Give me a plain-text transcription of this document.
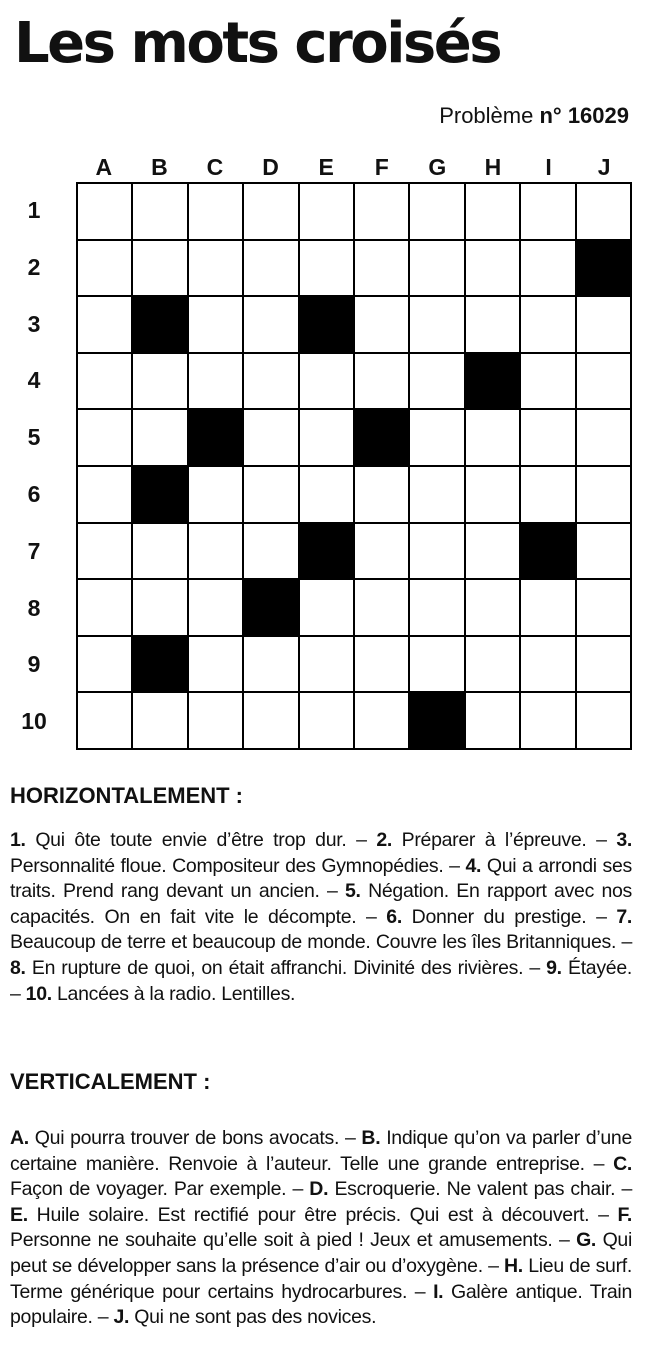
Les mots croisés
Problème n° 16029
A	B	C	D	E	F	G	H	I	J
1
2
3
4
5
6
7
8
9
10
HORIZONTALEMENT :
1. Qui ôte toute envie d’être trop dur. – 2. Préparer à l’épreuve. – 3. Personnalité floue. Compositeur des Gymnopédies. – 4. Qui a arrondi ses traits. Prend rang devant un ancien. – 5. Négation. En rapport avec nos capacités. On en fait vite le décompte. – 6. Donner du prestige. – 7. Beaucoup de terre et beaucoup de monde. Couvre les îles Britanniques. – 8. En rupture de quoi, on était affranchi. Divinité des rivières. – 9. Étayée. – 10. Lancées à la radio. Lentilles.
VERTICALEMENT :
A. Qui pourra trouver de bons avocats. – B. Indique qu’on va parler d’une certaine manière. Renvoie à l’auteur. Telle une grande entreprise. – C. Façon de voyager. Par exemple. – D. Escroquerie. Ne valent pas chair. – E. Huile solaire. Est rectifié pour être précis. Qui est à découvert. – F. Personne ne souhaite qu’elle soit à pied ! Jeux et amusements. – G. Qui peut se développer sans la présence d’air ou d’oxygène. – H. Lieu de surf. Terme générique pour certains hydrocarbures. – I. Galère antique. Train populaire. – J. Qui ne sont pas des novices.
